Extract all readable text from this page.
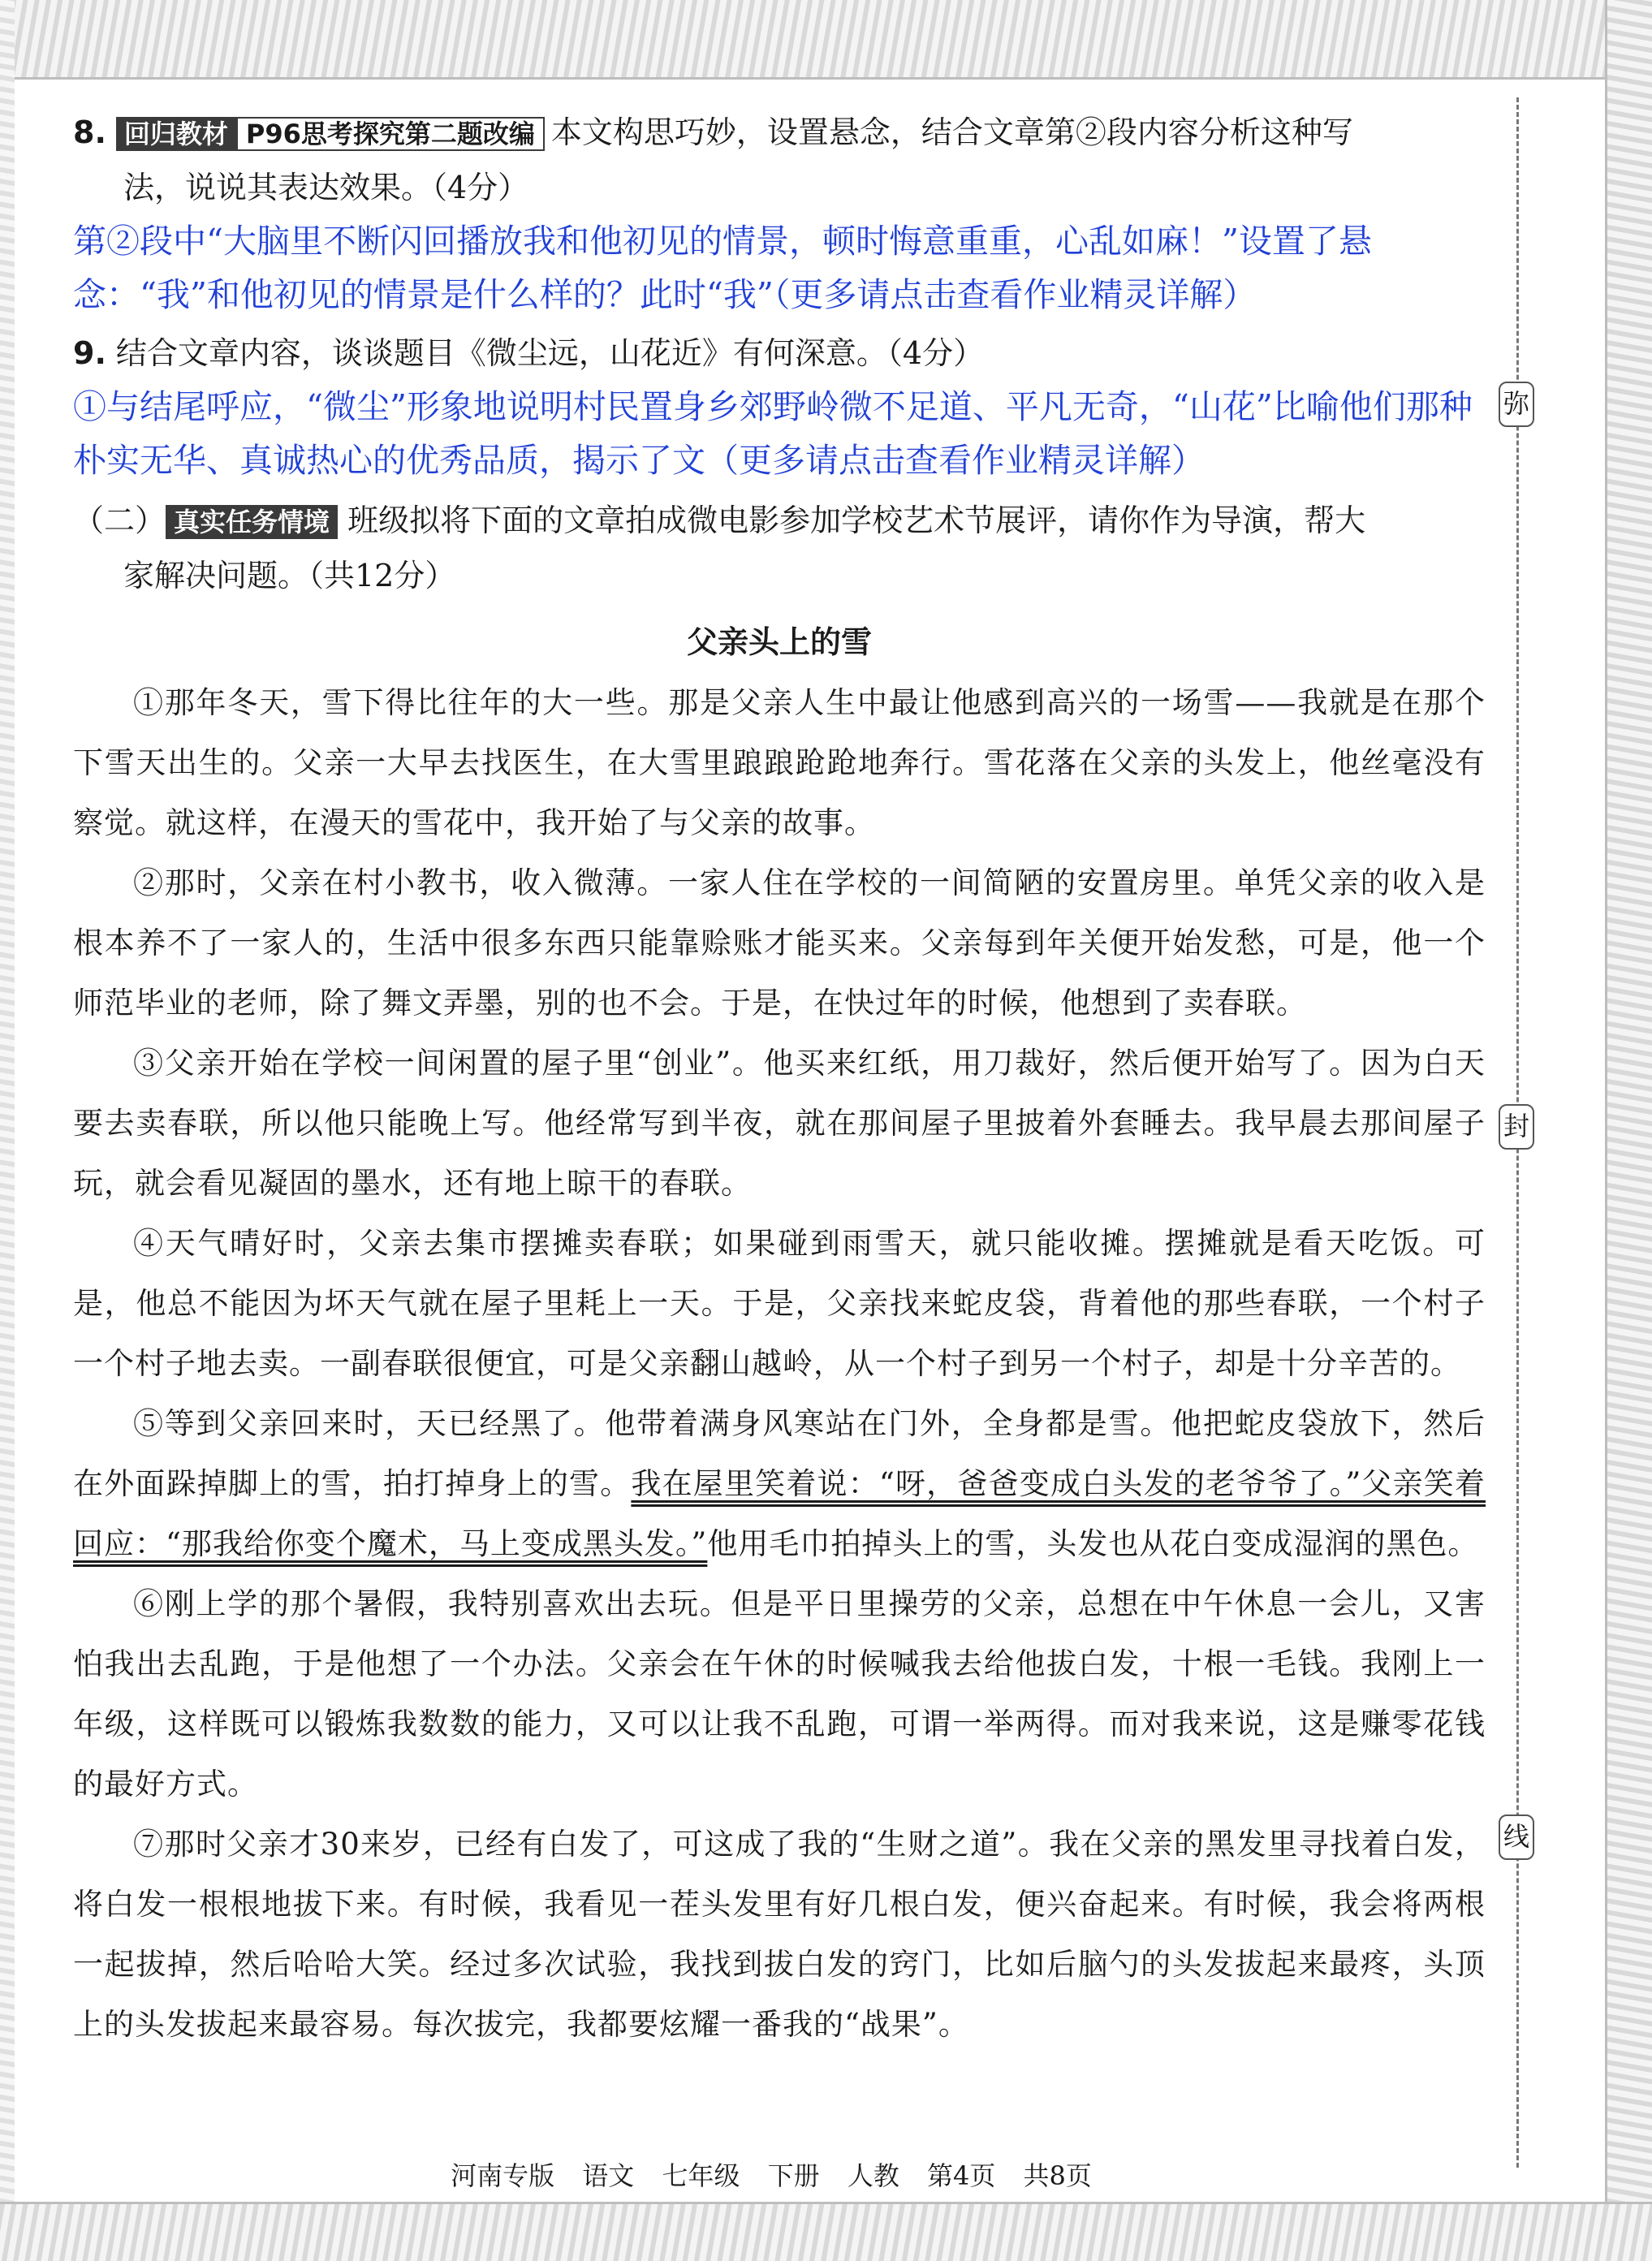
弥
封
线
8. 回归教材 P96思考探究第二题改编 本文构思巧妙，设置悬念，结合文章第②段内容分析这种写
法，说说其表达效果。（4分）
第②段中“大脑里不断闪回播放我和他初见的情景，顿时悔意重重，心乱如麻！”设置了悬念：“我”和他初见的情景是什么样的？此时“我”（更多请点击查看作业精灵详解）
9. 结合文章内容，谈谈题目《微尘远，山花近》有何深意。（4分）
①与结尾呼应，“微尘”形象地说明村民置身乡郊野岭微不足道、平凡无奇，“山花”比喻他们那种朴实无华、真诚热心的优秀品质，揭示了文（更多请点击查看作业精灵详解）
（二） 真实任务情境 班级拟将下面的文章拍成微电影参加学校艺术节展评，请你作为导演，帮大
家解决问题。（共12分）
父亲头上的雪
①那年冬天，雪下得比往年的大一些。那是父亲人生中最让他感到高兴的一场雪——我就是在那个下雪天出生的。父亲一大早去找医生，在大雪里踉踉跄跄地奔行。雪花落在父亲的头发上，他丝毫没有察觉。就这样，在漫天的雪花中，我开始了与父亲的故事。
②那时，父亲在村小教书，收入微薄。一家人住在学校的一间简陋的安置房里。单凭父亲的收入是根本养不了一家人的，生活中很多东西只能靠赊账才能买来。父亲每到年关便开始发愁，可是，他一个师范毕业的老师，除了舞文弄墨，别的也不会。于是，在快过年的时候，他想到了卖春联。
③父亲开始在学校一间闲置的屋子里“创业”。他买来红纸，用刀裁好，然后便开始写了。因为白天要去卖春联，所以他只能晚上写。他经常写到半夜，就在那间屋子里披着外套睡去。我早晨去那间屋子玩，就会看见凝固的墨水，还有地上晾干的春联。
④天气晴好时，父亲去集市摆摊卖春联；如果碰到雨雪天，就只能收摊。摆摊就是看天吃饭。可是，他总不能因为坏天气就在屋子里耗上一天。于是，父亲找来蛇皮袋，背着他的那些春联，一个村子一个村子地去卖。一副春联很便宜，可是父亲翻山越岭，从一个村子到另一个村子，却是十分辛苦的。
⑤等到父亲回来时，天已经黑了。他带着满身风寒站在门外，全身都是雪。他把蛇皮袋放下，然后在外面跺掉脚上的雪，拍打掉身上的雪。我在屋里笑着说：“呀，爸爸变成白头发的老爷爷了。”父亲笑着回应：“那我给你变个魔术，马上变成黑头发。”他用毛巾拍掉头上的雪，头发也从花白变成湿润的黑色。
⑥刚上学的那个暑假，我特别喜欢出去玩。但是平日里操劳的父亲，总想在中午休息一会儿，又害怕我出去乱跑，于是他想了一个办法。父亲会在午休的时候喊我去给他拔白发，十根一毛钱。我刚上一年级，这样既可以锻炼我数数的能力，又可以让我不乱跑，可谓一举两得。而对我来说，这是赚零花钱的最好方式。
⑦那时父亲才30来岁，已经有白发了，可这成了我的“生财之道”。我在父亲的黑发里寻找着白发，将白发一根根地拔下来。有时候，我看见一茬头发里有好几根白发，便兴奋起来。有时候，我会将两根一起拔掉，然后哈哈大笑。经过多次试验，我找到拔白发的窍门，比如后脑勺的头发拔起来最疼，头顶上的头发拔起来最容易。每次拔完，我都要炫耀一番我的“战果”。
河南专版 语文 七年级 下册 人教 第4页 共8页
